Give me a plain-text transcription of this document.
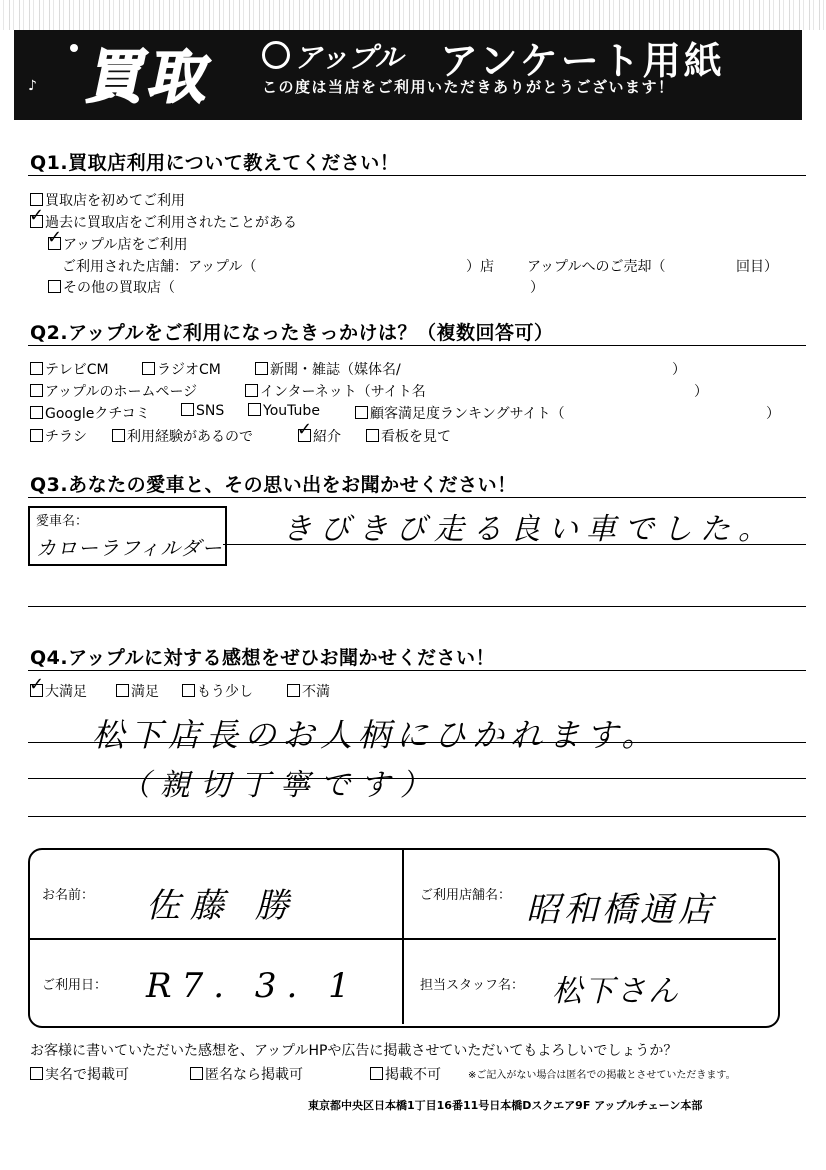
♪ 買取	アップル アンケート用紙
この度は当店をご利用いただきありがとうございます！
Q1.買取店利用について教えてください！
買取店を初めてご利用
✓過去に買取店をご利用されたことがある
✓アップル店をご利用
ご利用された店舗：アップル（	）店 アップルへのご売却（	回目）
その他の買取店（	）
Q2.アップルをご利用になったきっかけは？（複数回答可）
テレビCM	ラジオCM	新聞・雑誌（媒体名/	）
アップルのホームページ	インターネット（サイト名	）
Googleクチコミ	SNS	YouTube	顧客満足度ランキングサイト（	）
チラシ	利用経験があるので
✓	紹介	看板を見て
Q3.あなたの愛車と、その思い出をお聞かせください！
愛車名：
カローラフィルダー
きびきび走る良い車でした。
Q4.アップルに対する感想をぜひお聞かせください！
✓大満足	満足	もう少し	不満
松下店長のお人柄にひかれます。
（親切丁寧です）
お名前： 佐藤 勝	ご利用店舗名： 昭和橋通店
ご利用日： R7. 3. 1	担当スタッフ名： 松下さん
お客様に書いていただいた感想を、アップルHPや広告に掲載させていただいてもよろしいでしょうか？
実名で掲載可	匿名なら掲載可	掲載不可	※ご記入がない場合は匿名での掲載とさせていただきます。
東京都中央区日本橋1丁目16番11号日本橋Dスクエア9F アップルチェーン本部
